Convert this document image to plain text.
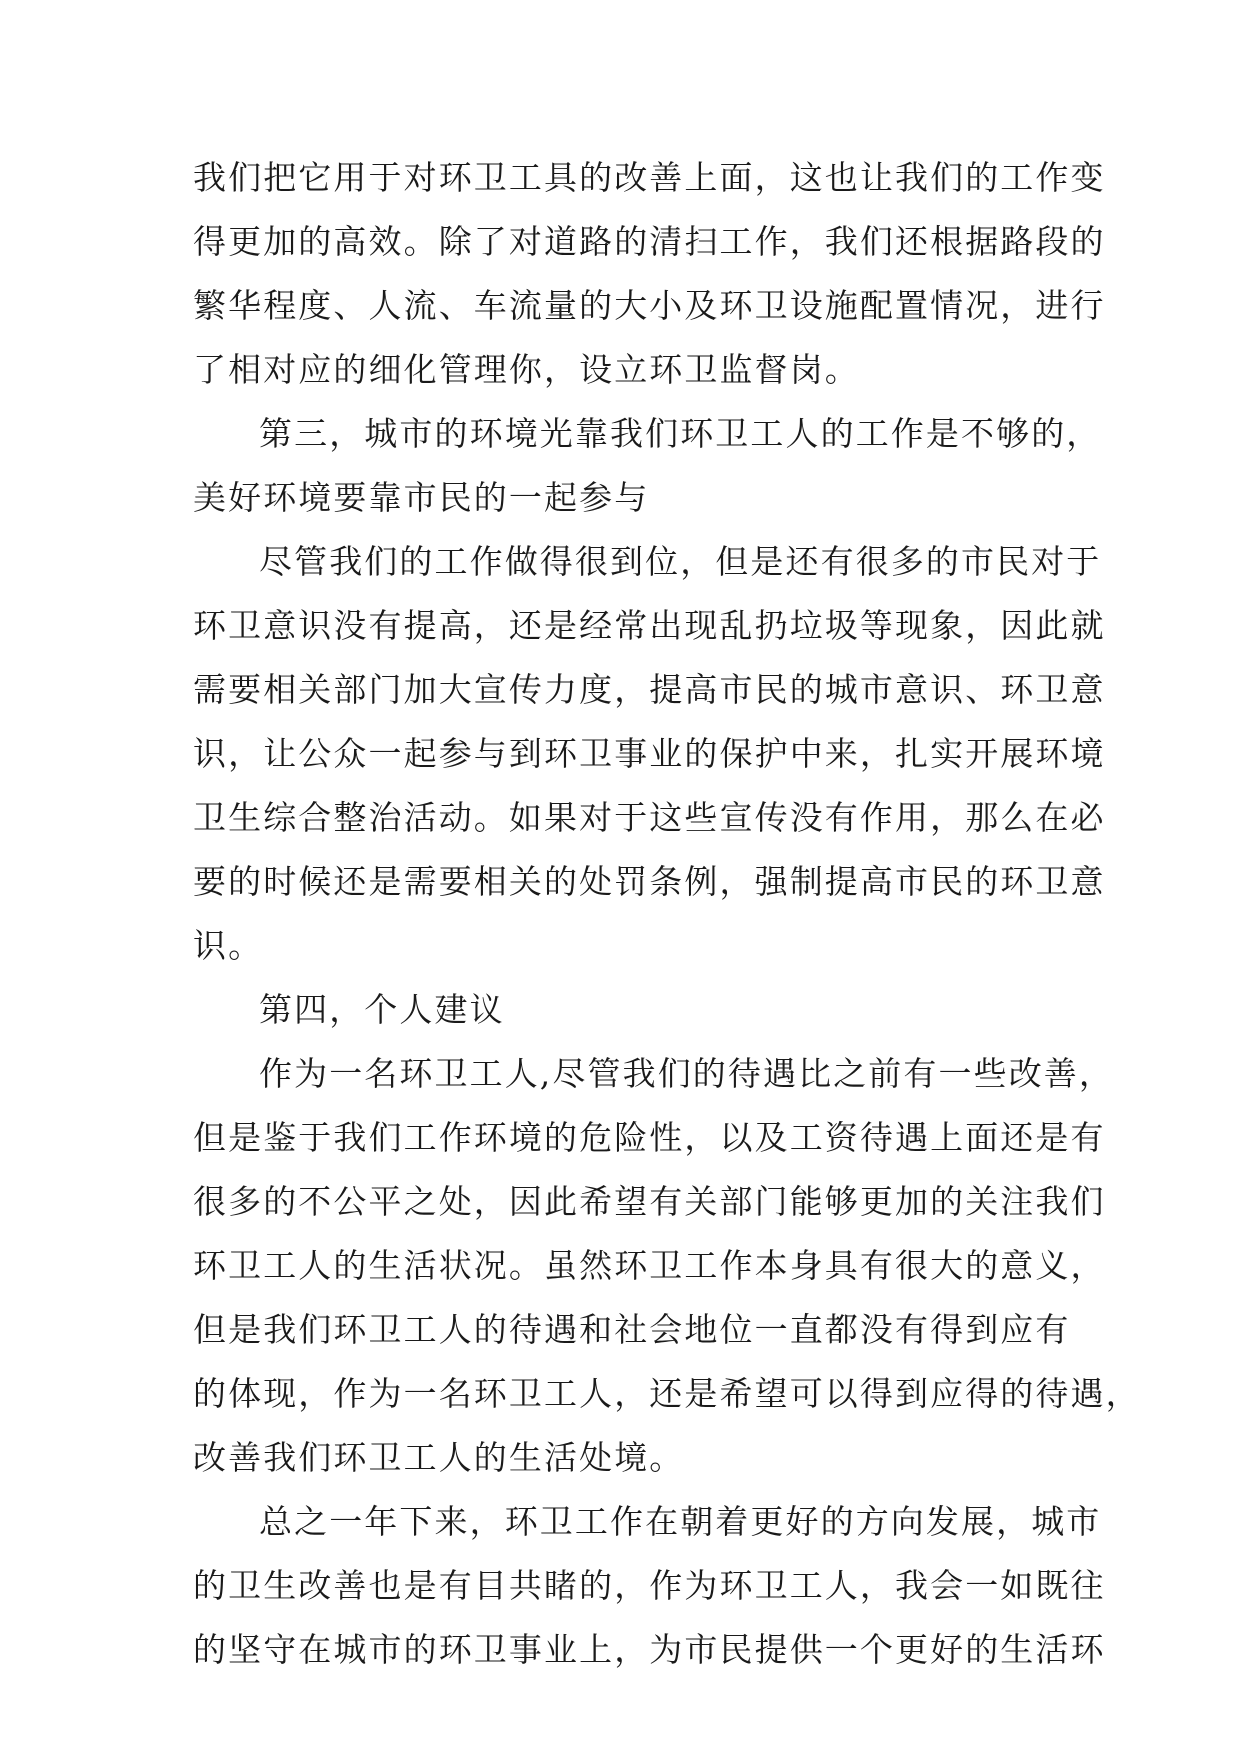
我们把它用于对环卫工具的改善上面，这也让我们的工作变
得更加的高效。除了对道路的清扫工作，我们还根据路段的
繁华程度、人流、车流量的大小及环卫设施配置情况，进行
了相对应的细化管理你，设立环卫监督岗。
第三，城市的环境光靠我们环卫工人的工作是不够的，
美好环境要靠市民的一起参与
尽管我们的工作做得很到位，但是还有很多的市民对于
环卫意识没有提高，还是经常出现乱扔垃圾等现象，因此就
需要相关部门加大宣传力度，提高市民的城市意识、环卫意
识，让公众一起参与到环卫事业的保护中来，扎实开展环境
卫生综合整治活动。如果对于这些宣传没有作用，那么在必
要的时候还是需要相关的处罚条例，强制提高市民的环卫意
识。
第四，个人建议
作为一名环卫工人,尽管我们的待遇比之前有一些改善，
但是鉴于我们工作环境的危险性，以及工资待遇上面还是有
很多的不公平之处，因此希望有关部门能够更加的关注我们
环卫工人的生活状况。虽然环卫工作本身具有很大的意义，
但是我们环卫工人的待遇和社会地位一直都没有得到应有
的体现，作为一名环卫工人，还是希望可以得到应得的待遇，
改善我们环卫工人的生活处境。
总之一年下来，环卫工作在朝着更好的方向发展，城市
的卫生改善也是有目共睹的，作为环卫工人，我会一如既往
的坚守在城市的环卫事业上，为市民提供一个更好的生活环
